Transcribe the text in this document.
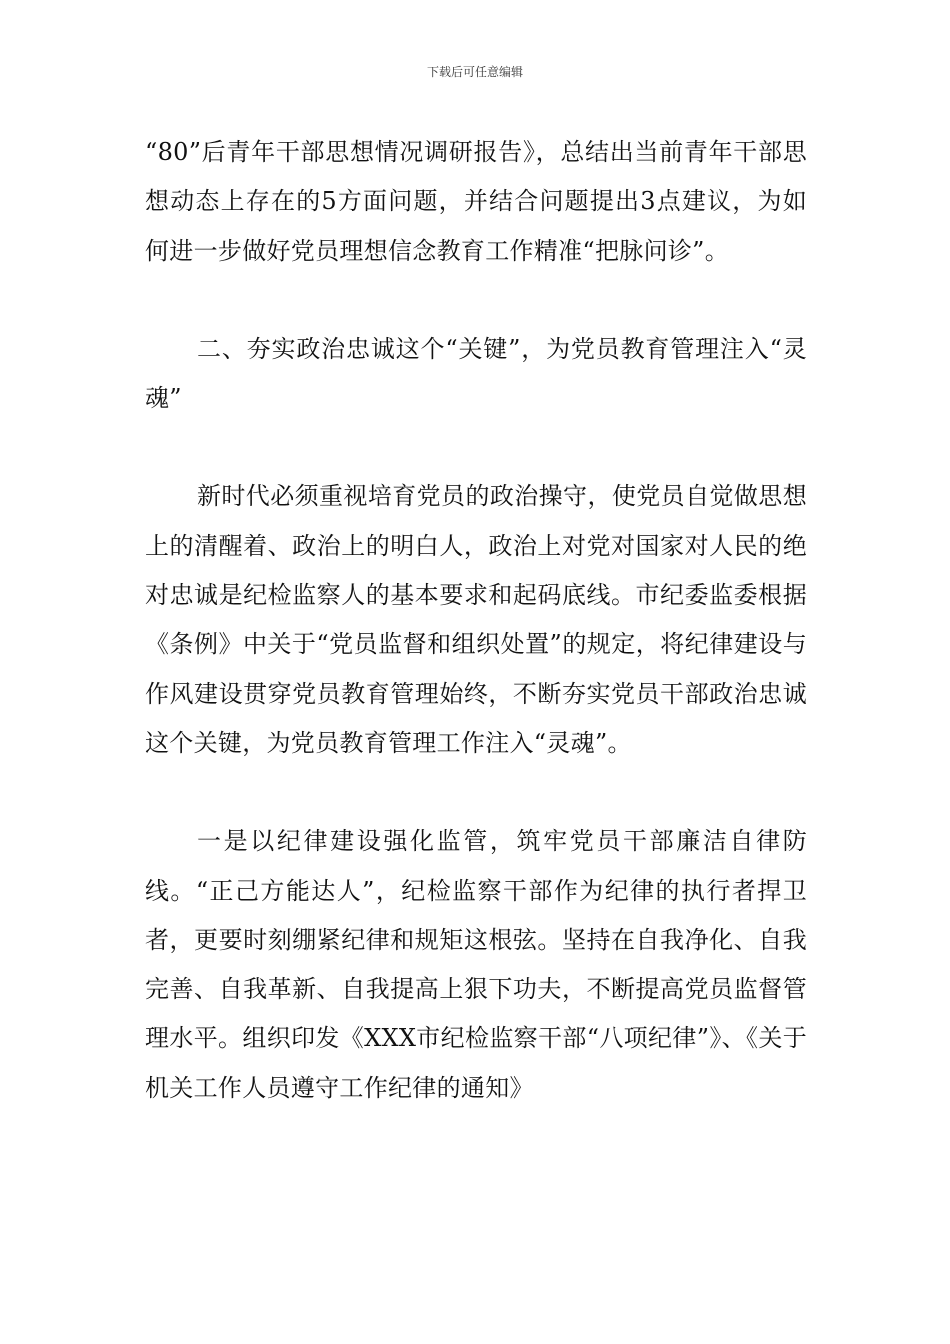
下载后可任意编辑

“80”后青年干部思想情况调研报告》，总结出当前青年干部思想动态上存在的5方面问题，并结合问题提出3点建议，为如何进一步做好党员理想信念教育工作精准“把脉问诊”。

二、夯实政治忠诚这个“关键”，为党员教育管理注入“灵魂”

新时代必须重视培育党员的政治操守，使党员自觉做思想上的清醒着、政治上的明白人，政治上对党对国家对人民的绝对忠诚是纪检监察人的基本要求和起码底线。市纪委监委根据《条例》中关于“党员监督和组织处置”的规定，将纪律建设与作风建设贯穿党员教育管理始终，不断夯实党员干部政治忠诚这个关键，为党员教育管理工作注入“灵魂”。

一是以纪律建设强化监管，筑牢党员干部廉洁自律防线。“正己方能达人”，纪检监察干部作为纪律的执行者捍卫者，更要时刻绷紧纪律和规矩这根弦。坚持在自我净化、自我完善、自我革新、自我提高上狠下功夫，不断提高党员监督管理水平。组织印发《XXX市纪检监察干部“八项纪律”》、《关于机关工作人员遵守工作纪律的通知》
